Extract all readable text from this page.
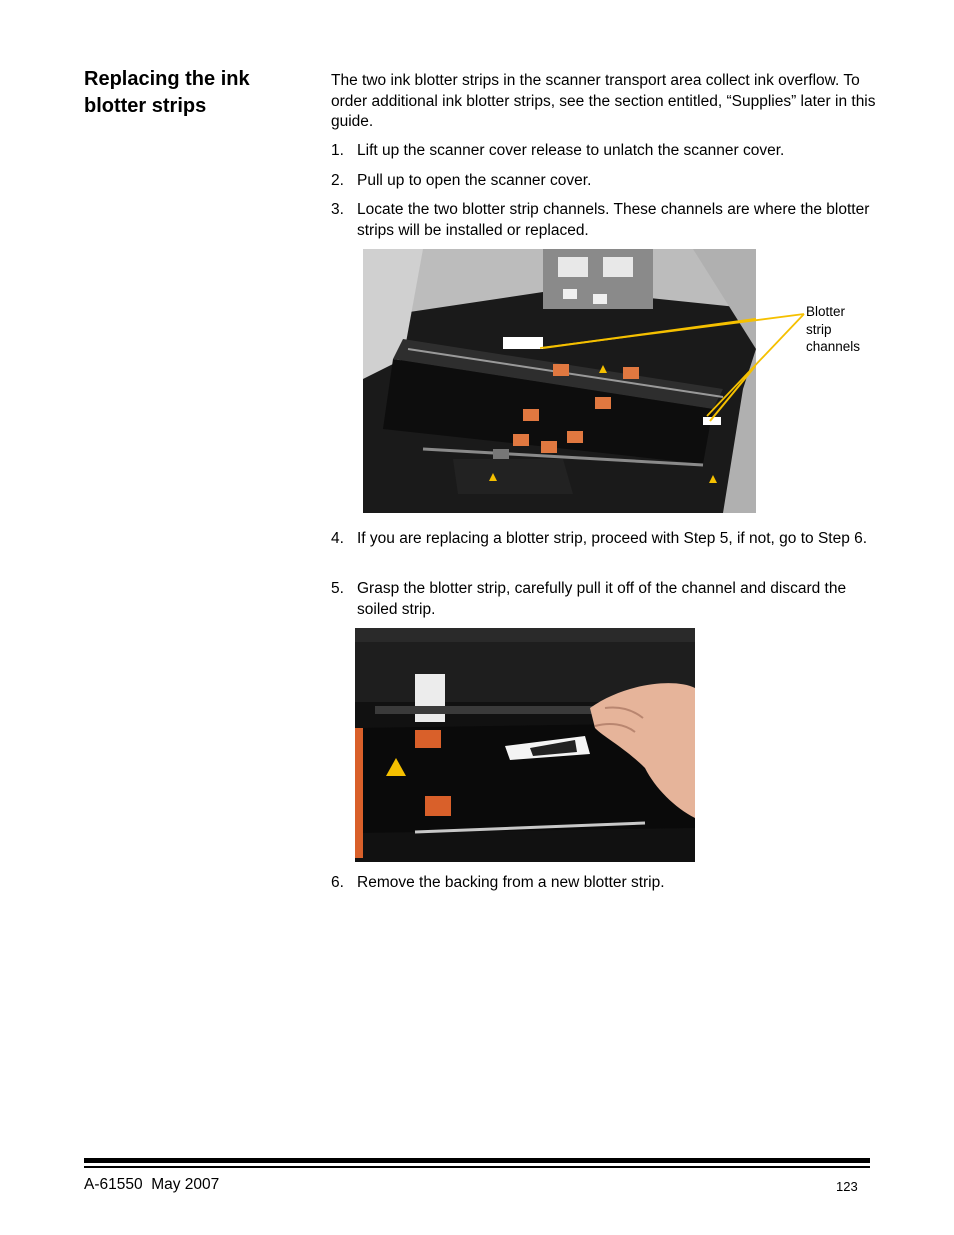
Replacing the ink blotter strips

The two ink blotter strips in the scanner transport area collect ink overflow. To order additional ink blotter strips, see the section entitled, “Supplies” later in this guide.

1. Lift up the scanner cover release to unlatch the scanner cover.
2. Pull up to open the scanner cover.
3. Locate the two blotter strip channels. These channels are where the blotter strips will be installed or replaced.
Blotter
strip
channels
4. If you are replacing a blotter strip, proceed with Step 5, if not, go to Step 6.
5. Grasp the blotter strip, carefully pull it off of the channel and discard the soiled strip.
6. Remove the backing from a new blotter strip.
A-61550  May 2007	123
